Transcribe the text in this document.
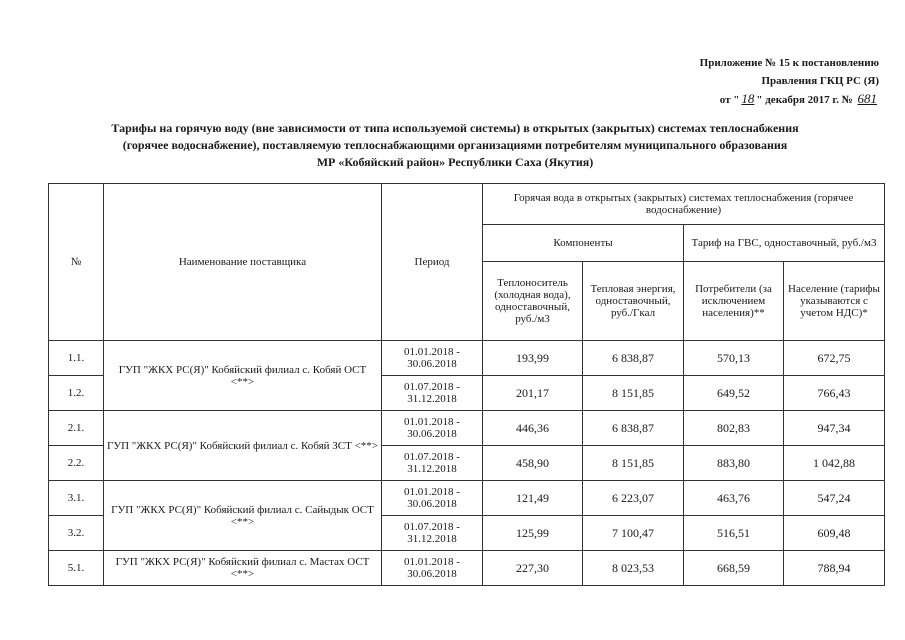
Приложение № 15 к постановлению
Правления ГКЦ РС (Я)
от " 18 " декабря 2017 г. № 681
Тарифы на горячую воду (вне зависимости от типа используемой системы) в открытых (закрытых) системах теплоснабжения
(горячее водоснабжение), поставляемую теплоснабжающими организациями потребителям муниципального образования
МР «Кобяйский район» Республики Саха (Якутия)
№	Наименование поставщика	Период	Горячая вода в открытых (закрытых) системах теплоснабжения (горячее водоснабжение)			
			Компоненты		Тариф на ГВС, одноставочный, руб./м3	
			Теплоноситель (холодная вода), одноставочный, руб./м3	Тепловая энергия, одноставочный, руб./Гкал	Потребители (за исключением населения)**	Население (тарифы указываются с учетом НДС)*
1.1.	ГУП "ЖКХ РС(Я)" Кобяйский филиал с. Кобяй ОСТ <**>	01.01.2018 - 30.06.2018	193,99	6 838,87	570,13	672,75
1.2.		01.07.2018 - 31.12.2018	201,17	8 151,85	649,52	766,43
2.1.	ГУП "ЖКХ РС(Я)" Кобяйский филиал с. Кобяй ЗСТ <**>	01.01.2018 - 30.06.2018	446,36	6 838,87	802,83	947,34
2.2.		01.07.2018 - 31.12.2018	458,90	8 151,85	883,80	1 042,88
3.1.	ГУП "ЖКХ РС(Я)" Кобяйский филиал с. Сайыдык ОСТ <**>	01.01.2018 - 30.06.2018	121,49	6 223,07	463,76	547,24
3.2.		01.07.2018 - 31.12.2018	125,99	7 100,47	516,51	609,48
5.1.	ГУП "ЖКХ РС(Я)" Кобяйский филиал с. Мастах ОСТ <**>	01.01.2018 - 30.06.2018	227,30	8 023,53	668,59	788,94
